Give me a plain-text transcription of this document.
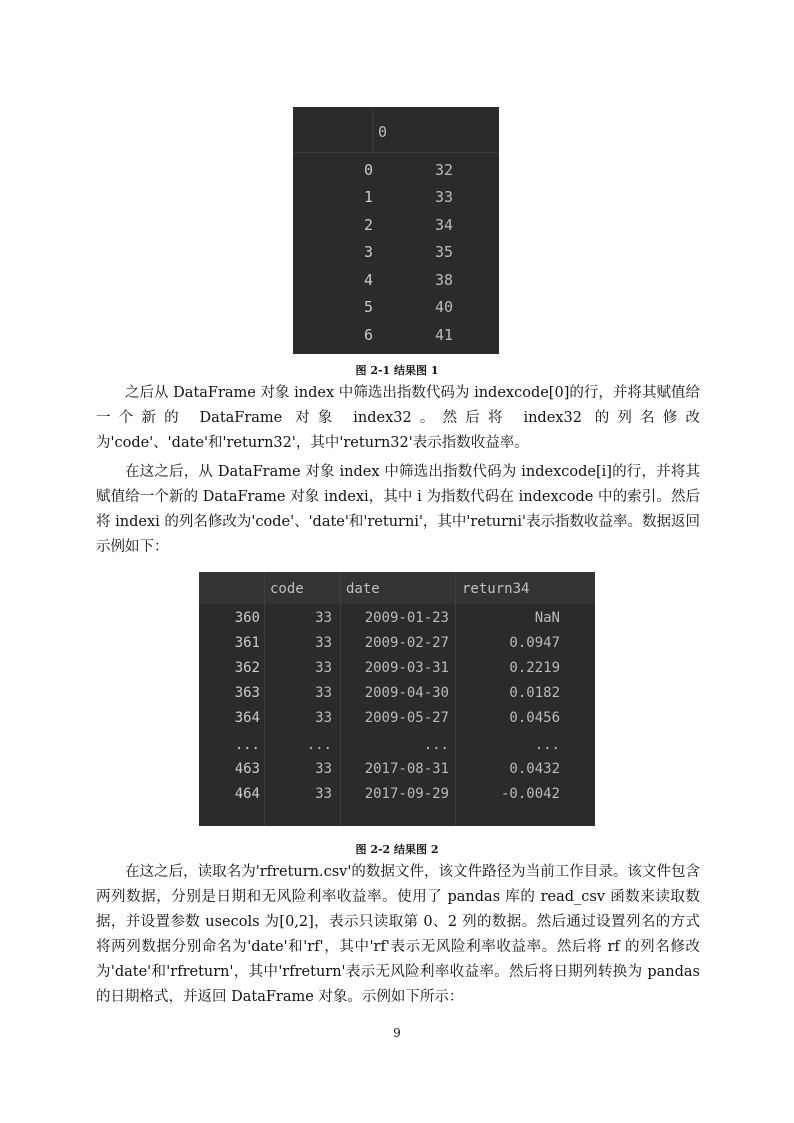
0
0	32
1	33
2	34
3	35
4	38
5	40
6	41
图 2-1 结果图 1

之后从 DataFrame 对象 index 中筛选出指数代码为 indexcode[0]的行，并将其赋值给一个新的 DataFrame 对象 index32。然后将 index32 的列名修改为'code'、'date'和'return32'，其中'return32'表示指数收益率。

在这之后，从 DataFrame 对象 index 中筛选出指数代码为 indexcode[i]的行，并将其赋值给一个新的 DataFrame 对象 indexi，其中 i 为指数代码在 indexcode 中的索引。然后将 indexi 的列名修改为'code'、'date'和'returni'，其中'returni'表示指数收益率。数据返回示例如下：

code	date	return34
360	33 2009-01-23	NaN
361	33 2009-02-27	0.0947
362	33 2009-03-31	0.2219
363	33 2009-04-30	0.0182
364	33 2009-05-27	0.0456
...	...	...	...
463	33 2017-08-31	0.0432
464	33 2017-09-29	-0.0042
图 2-2 结果图 2

在这之后，读取名为'rfreturn.csv'的数据文件，该文件路径为当前工作目录。该文件包含两列数据，分别是日期和无风险利率收益率。使用了 pandas 库的 read_csv 函数来读取数据，并设置参数 usecols 为[0,2]，表示只读取第 0、2 列的数据。然后通过设置列名的方式将两列数据分别命名为'date'和'rf'，其中'rf'表示无风险利率收益率。然后将 rf 的列名修改为'date'和'rfreturn'，其中'rfreturn'表示无风险利率收益率。然后将日期列转换为 pandas 的日期格式，并返回 DataFrame 对象。示例如下所示：

9
